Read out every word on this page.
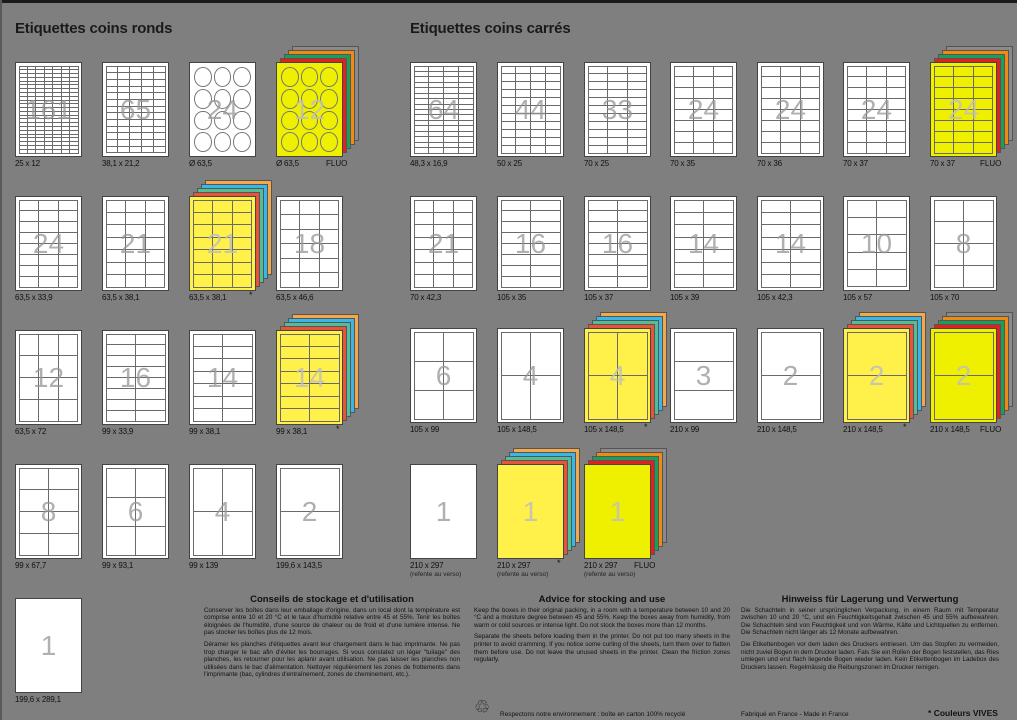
Etiquettes coins ronds	Etiquettes coins carrés
161
25 x 12
65
38,1 x 21,2
24
Ø 63,5
12
Ø 63,5	FLUO
24
63,5 x 33,9
21
63,5 x 38,1
21
63,5 x 38,1	*
18
63,5 x 46,6
12
63,5 x 72
16
99 x 33,9
14
99 x 38,1
14
99 x 38,1	*
8
99 x 67,7
6
99 x 93,1
4
99 x 139
2
199,6 x 143,5
1
199,6 x 289,1
64
48,3 x 16,9
44
50 x 25
33
70 x 25
24
70 x 35
24
70 x 36
24
70 x 37
24
70 x 37	FLUO
21
70 x 42,3
16
105 x 35
16
105 x 37
14
105 x 39
14
105 x 42,3
10
105 x 57
8
105 x 70
6
105 x 99
4
105 x 148,5
4
105 x 148,5 *
3
210 x 99
2
210 x 148,5
2
210 x 148,5 *
2
210 x 148,5 FLUO
1
210 x 297
(refente au verso)
1
210 x 297
(refente au verso)
*
1
210 x 297
(refente au verso)
FLUO
Conseils de stockage et d'utilisation

Conserver les boîtes dans leur emballage d'origine, dans un local dont la température est comprise entre 10 et 20 °C et le taux d'humidité relative entre 45 et 55%. Tenir les boîtes éloignées de l'humidité, d'une source de chaleur ou de froid et d'une lumière intense. Ne pas stocker les boîtes plus de 12 mois.

Déramer les planches d'étiquettes avant leur chargement dans le bac imprimante. Ne pas trop charger le bac afin d'éviter les bourrages. Si vous constatez un léger "tuilage" des planches, les retourner pour les aplanir avant utilisation. Ne pas laisser les planches non utilisées dans le bac d'alimentation. Nettoyer régulièrement les zones de frottements dans l'imprimante (bac, cylindres d'entraînement, zones de cheminement, etc.).

Advice for stocking and use

Keep the boxes in their original packing, in a room with a temperature between 10 and 20 °C and a moisture degree between 45 and 55%. Keep the boxes away from humidity, from warm or cold sources or intense light. Do not stock the boxes more than 12 months.

Separate the sheets before loading them in the printer. Do not put too many sheets in the printer to avoid cramming. If you notice some curling of the sheets, turn them over to flatten them before use. Do not leave the unused sheets in the printer. Clean the friction zones regularly.

Hinweiss für Lagerung und Verwertung

Die Schachteln in seiner ursprünglichen Verpackung, in einem Raum mit Temperatur zwischen 10 und 20 °C, und ein Feuchtigkeitsgehalt zwischen 45 und 55% aufbewahren. Die Schachteln sind von Feuchtigkeit und von Wärme, Kälte und Lichtquellen zu entfernen. Die Schachteln nicht länger als 12 Monate aufbewahren.

Die Etikettenbogen vor dem laden des Druckers entriesen. Um das Stopfen zu vermeiden, nicht zuviel Bogen in dem Drucker laden. Fals Sie ein Rollen der Bogen feststellen, das Ries umlegen und erst flach liegende Bogen wieder laden. Kein Etikettenbogen im Ladebox des Druckers lassen. Regelmässig die Reibungszonen im Drucker reinigen.

♲ Respectons notre environnement : boîte en carton 100% recyclé	Fabriqué en France - Made in France	* Couleurs VIVES
